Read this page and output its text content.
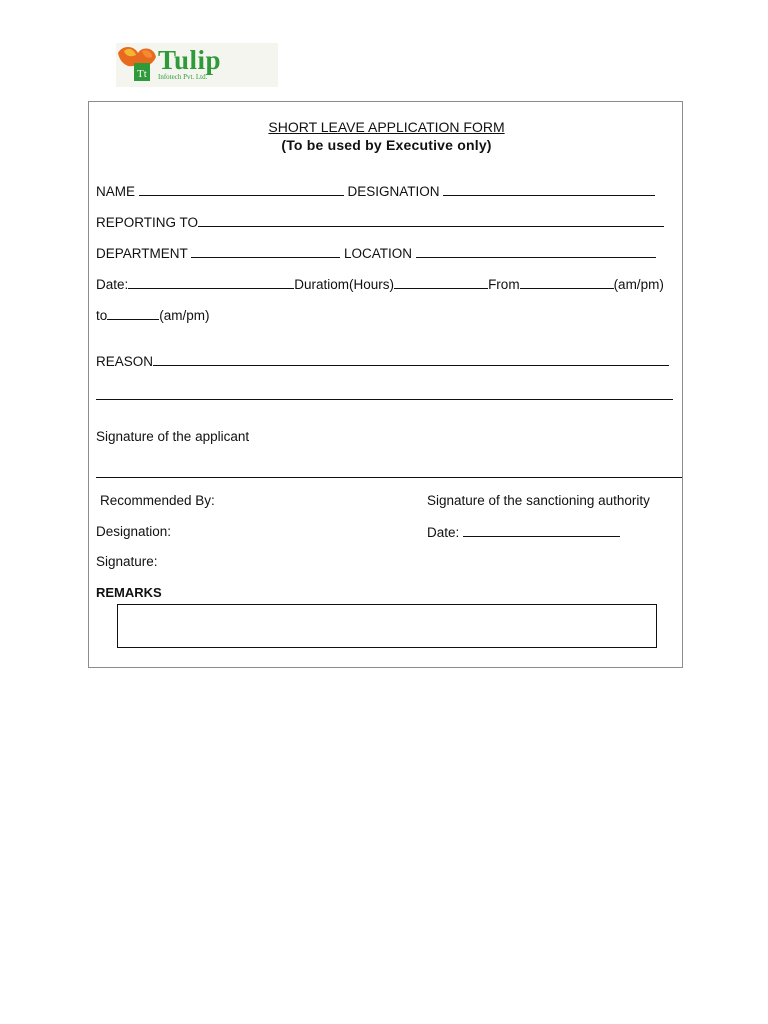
Tt Tulip
Infotech Pvt. Ltd.
SHORT LEAVE APPLICATION FORM
(To be used by Executive only)
NAME	DESIGNATION
REPORTING TO
DEPARTMENT	LOCATION
Date:	Duratiom(Hours)	From	(am/pm)
to	(am/pm)
REASON
Signature of the applicant
Recommended By:	Signature of the sanctioning authority
Designation:	Date:
Signature:
REMARKS
